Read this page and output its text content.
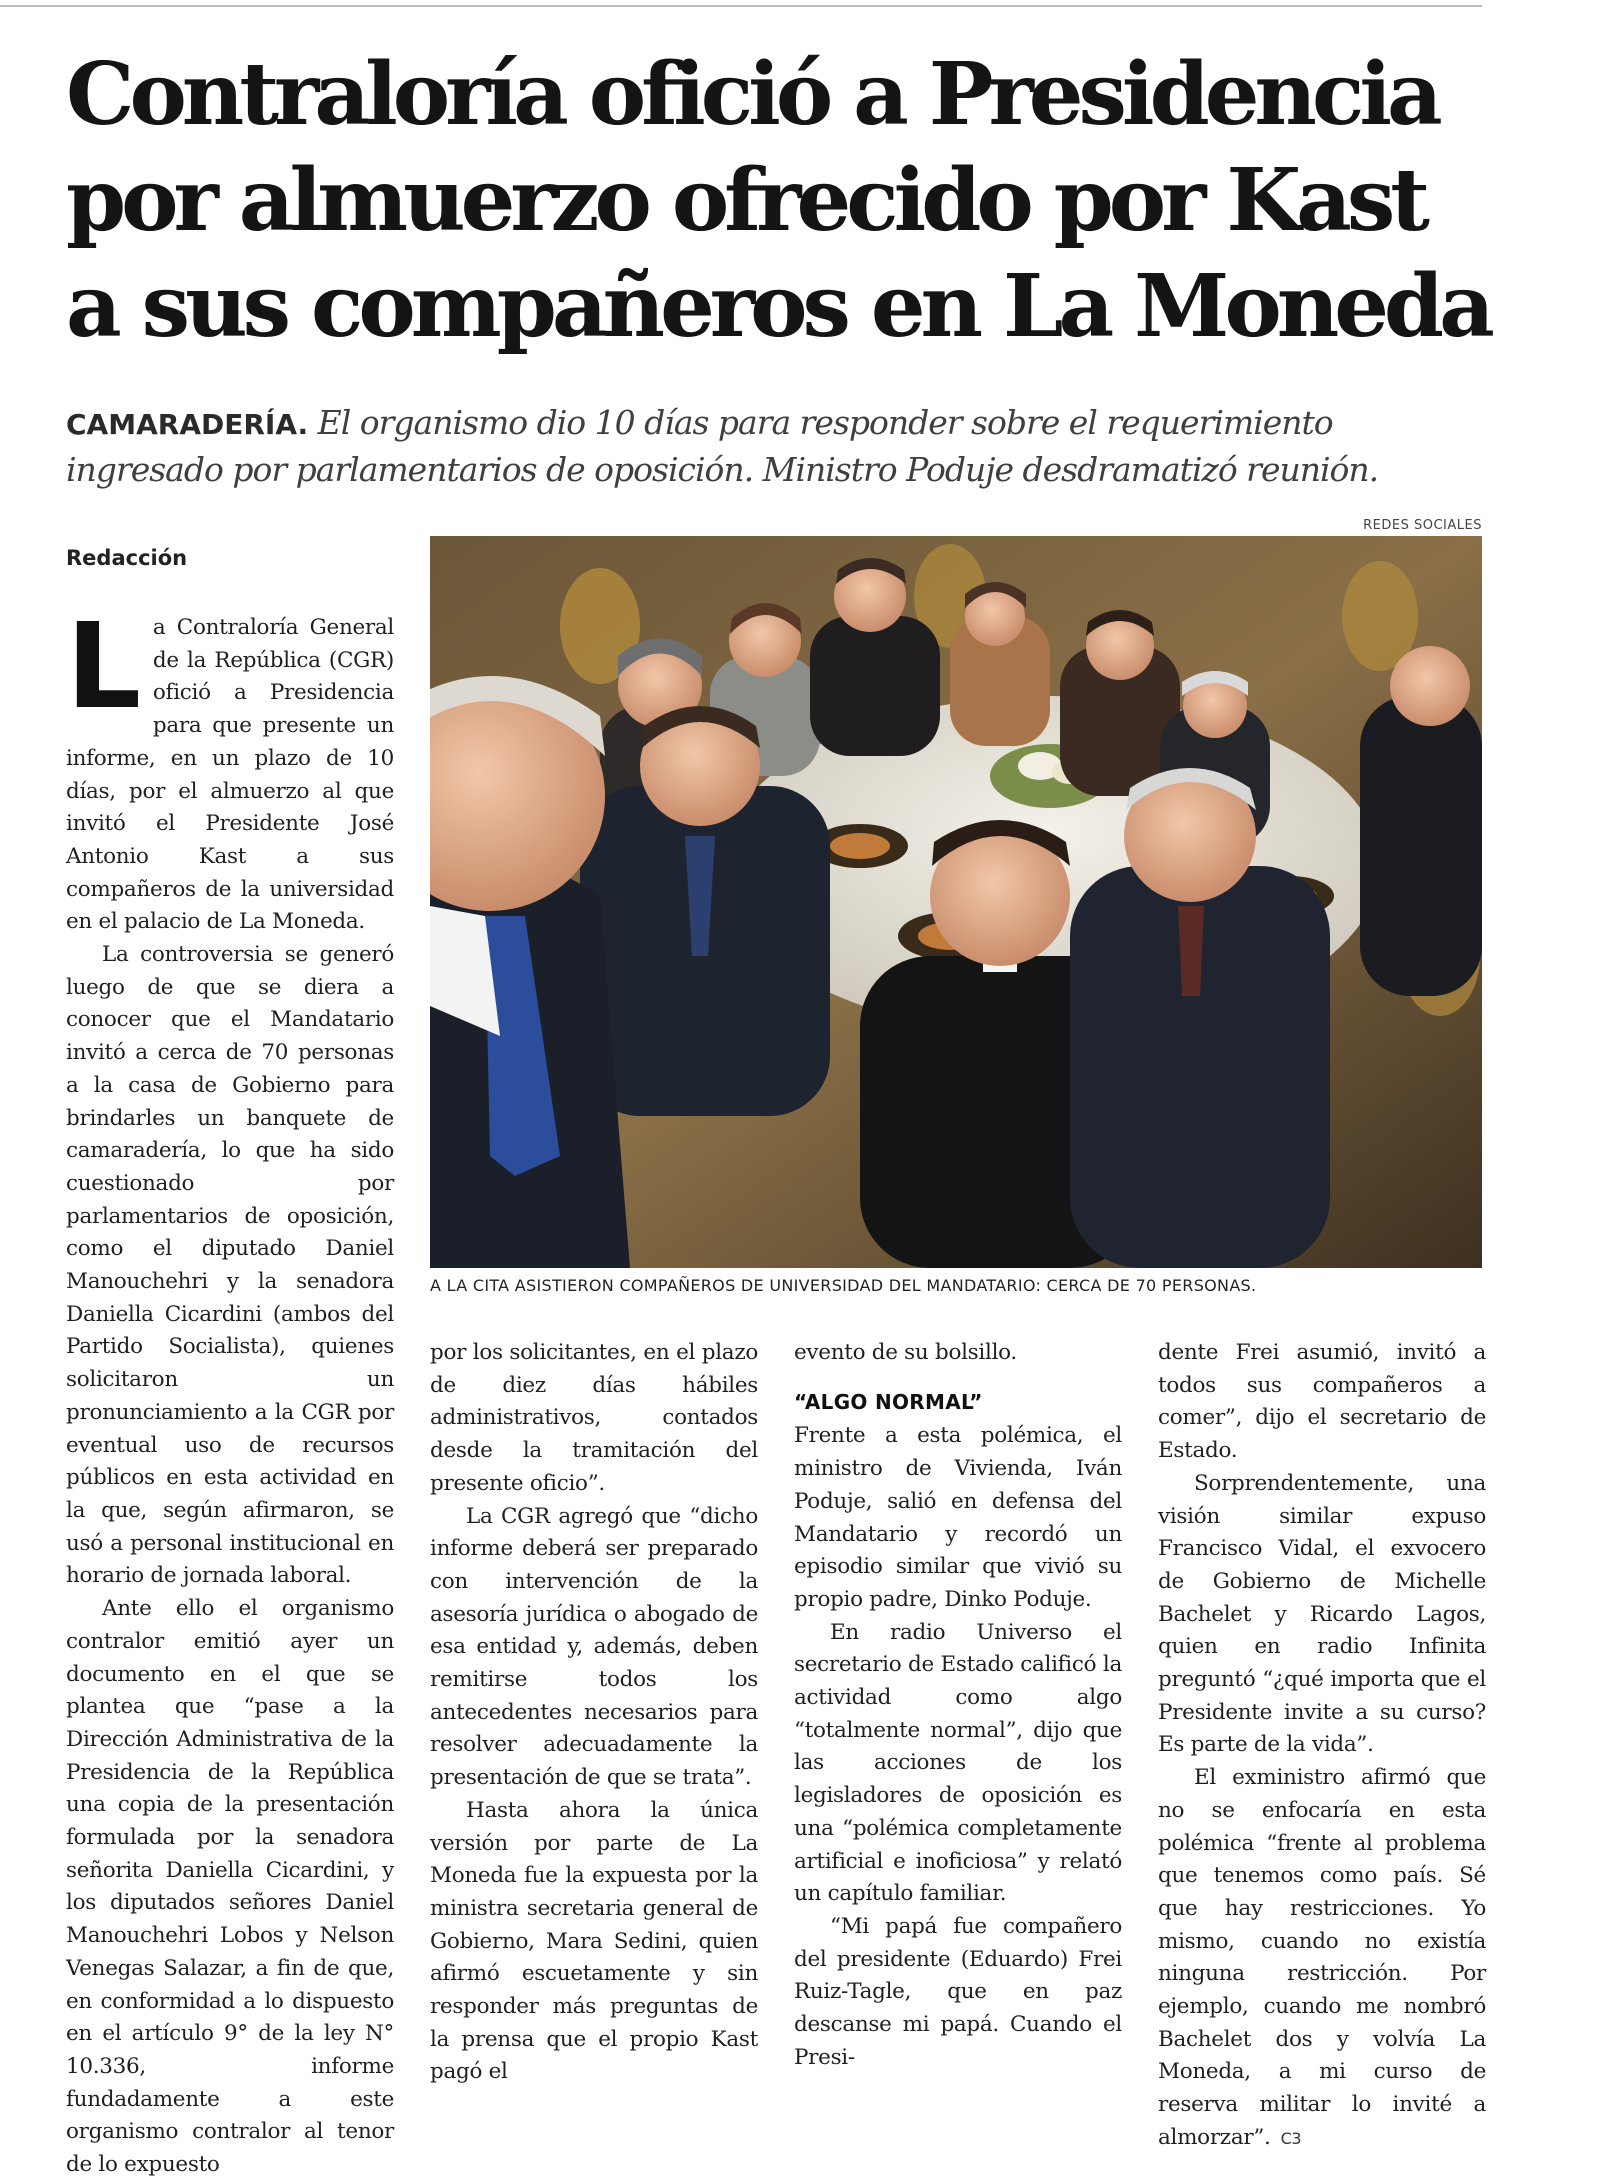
Contraloría ofició a Presidencia
por almuerzo ofrecido por Kast
a sus compañeros en La Moneda
CAMARADERÍA. El organismo dio 10 días para responder sobre el requerimiento ingresado por parlamentarios de oposición. Ministro Poduje desdramatizó reunión.
Redacción
REDES SOCIALES
A LA CITA ASISTIERON COMPAÑEROS DE UNIVERSIDAD DEL MANDATARIO: CERCA DE 70 PERSONAS.

La Contraloría General de la República (CGR) ofició a Presidencia para que presente un informe, en un plazo de 10 días, por el almuerzo al que invitó el Presidente José Antonio Kast a sus compañeros de la universidad en el palacio de La Moneda.

La controversia se generó luego de que se diera a conocer que el Mandatario invitó a cerca de 70 personas a la casa de Gobierno para brindarles un banquete de camaradería, lo que ha sido cuestionado por parlamentarios de oposición, como el diputado Daniel Manouchehri y la senadora Daniella Cicardini (ambos del Partido Socialista), quienes solicitaron un pronunciamiento a la CGR por eventual uso de recursos públicos en esta actividad en la que, según afirmaron, se usó a personal institucional en horario de jornada laboral.

Ante ello el organismo contralor emitió ayer un documento en el que se plantea que “pase a la Dirección Administrativa de la Presidencia de la República una copia de la presentación formulada por la senadora señorita Daniella Cicardini, y los diputados señores Daniel Manouchehri Lobos y Nelson Venegas Salazar, a fin de que, en conformidad a lo dispuesto en el artículo 9° de la ley N° 10.336, informe fundadamente a este organismo contralor al tenor de lo expuesto

por los solicitantes, en el plazo de diez días hábiles administrativos, contados desde la tramitación del presente oficio”.

La CGR agregó que “dicho informe deberá ser preparado con intervención de la asesoría jurídica o abogado de esa entidad y, además, deben remitirse todos los antecedentes necesarios para resolver adecuadamente la presentación de que se trata”.

Hasta ahora la única versión por parte de La Moneda fue la expuesta por la ministra secretaria general de Gobierno, Mara Sedini, quien afirmó escuetamente y sin responder más preguntas de la prensa que el propio Kast pagó el

evento de su bolsillo.

“ALGO NORMAL”

Frente a esta polémica, el ministro de Vivienda, Iván Poduje, salió en defensa del Mandatario y recordó un episodio similar que vivió su propio padre, Dinko Poduje.

En radio Universo el secretario de Estado calificó la actividad como algo “totalmente normal”, dijo que las acciones de los legisladores de oposición es una “polémica completamente artificial e inoficiosa” y relató un capítulo familiar.

“Mi papá fue compañero del presidente (Eduardo) Frei Ruiz-Tagle, que en paz descanse mi papá. Cuando el Presi-

dente Frei asumió, invitó a todos sus compañeros a comer”, dijo el secretario de Estado.

Sorprendentemente, una visión similar expuso Francisco Vidal, el exvocero de Gobierno de Michelle Bachelet y Ricardo Lagos, quien en radio Infinita preguntó “¿qué importa que el Presidente invite a su curso? Es parte de la vida”.

El exministro afirmó que no se enfocaría en esta polémica “frente al problema que tenemos como país. Sé que hay restricciones. Yo mismo, cuando no existía ninguna restricción. Por ejemplo, cuando me nombró Bachelet dos y volvía La Moneda, a mi curso de reserva militar lo invité a almorzar”. C3
